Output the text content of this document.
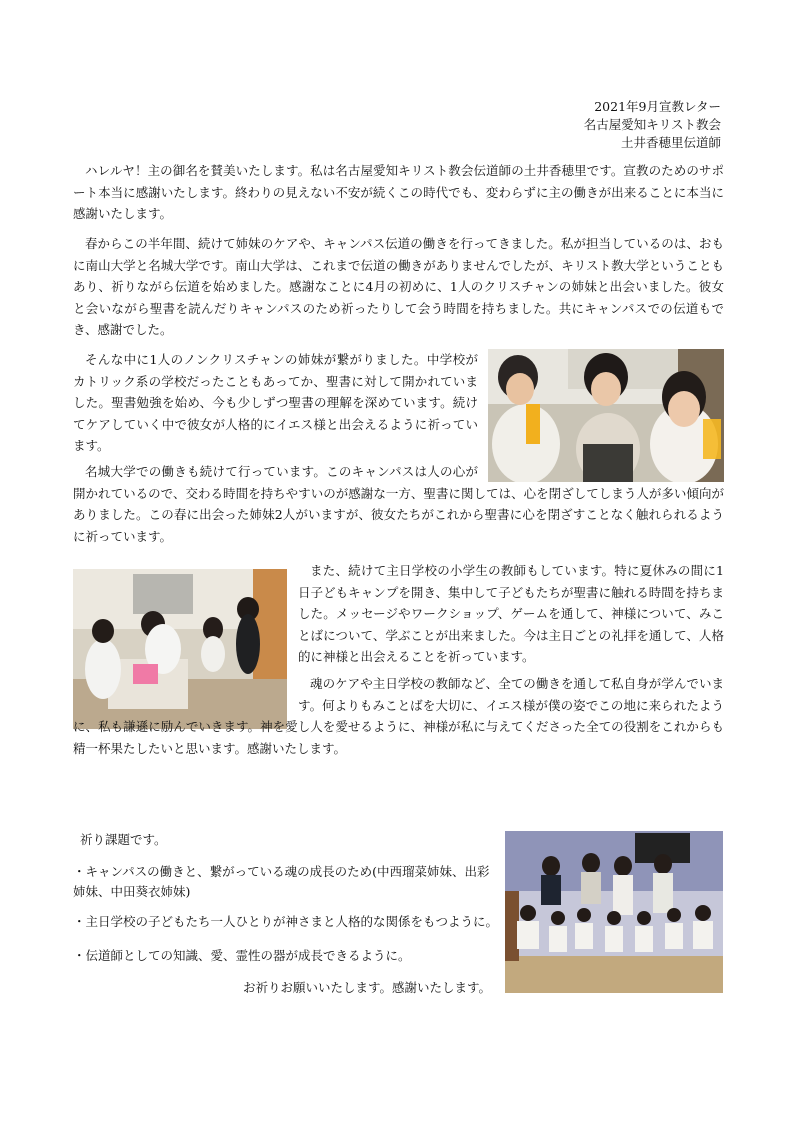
2021年9月宣教レター
名古屋愛知キリスト教会
土井香穂里伝道師

ハレルヤ！主の御名を賛美いたします。私は名古屋愛知キリスト教会伝道師の土井香穂里です。宣教のためのサポート本当に感謝いたします。終わりの見えない不安が続くこの時代でも、変わらずに主の働きが出来ることに本当に感謝いたします。

春からこの半年間、続けて姉妹のケアや、キャンパス伝道の働きを行ってきました。私が担当しているのは、おもに南山大学と名城大学です。南山大学は、これまで伝道の働きがありませんでしたが、キリスト教大学ということもあり、祈りながら伝道を始めました。感謝なことに4月の初めに、1人のクリスチャンの姉妹と出会いました。彼女と会いながら聖書を読んだりキャンパスのため祈ったりして会う時間を持ちました。共にキャンパスでの伝道もでき、感謝でした。

そんな中に1人のノンクリスチャンの姉妹が繋がりました。中学校がカトリック系の学校だったこともあってか、聖書に対して開かれていました。聖書勉強を始め、今も少しずつ聖書の理解を深めています。続けてケアしていく中で彼女が人格的にイエス様と出会えるように祈っています。

名城大学での働きも続けて行っています。このキャンパスは人の心が開かれているので、交わる時間を持ちやすいのが感謝な一方、聖書に関しては、心を閉ざしてしまう人が多い傾向がありました。この春に出会った姉妹2人がいますが、彼女たちがこれから聖書に心を閉ざすことなく触れられるように祈っています。

また、続けて主日学校の小学生の教師もしています。特に夏休みの間に1日子どもキャンプを開き、集中して子どもたちが聖書に触れる時間を持ちました。メッセージやワークショップ、ゲームを通して、神様について、みことばについて、学ぶことが出来ました。今は主日ごとの礼拝を通して、人格的に神様と出会えることを祈っています。

魂のケアや主日学校の教師など、全ての働きを通して私自身が学んでいます。何よりもみことばを大切に、イエス様が僕の姿でこの地に来られたように、私も謙遜に励んでいきます。神を愛し人を愛せるように、神様が私に与えてくださった全ての役割をこれからも精一杯果たしたいと思います。感謝いたします。

祈り課題です。

・キャンパスの働きと、繋がっている魂の成長のため(中西瑠菜姉妹、出彩姉妹、中田葵衣姉妹)

・主日学校の子どもたち一人ひとりが神さまと人格的な関係をもつように。

・伝道師としての知識、愛、霊性の器が成長できるように。

お祈りお願いいたします。感謝いたします。
